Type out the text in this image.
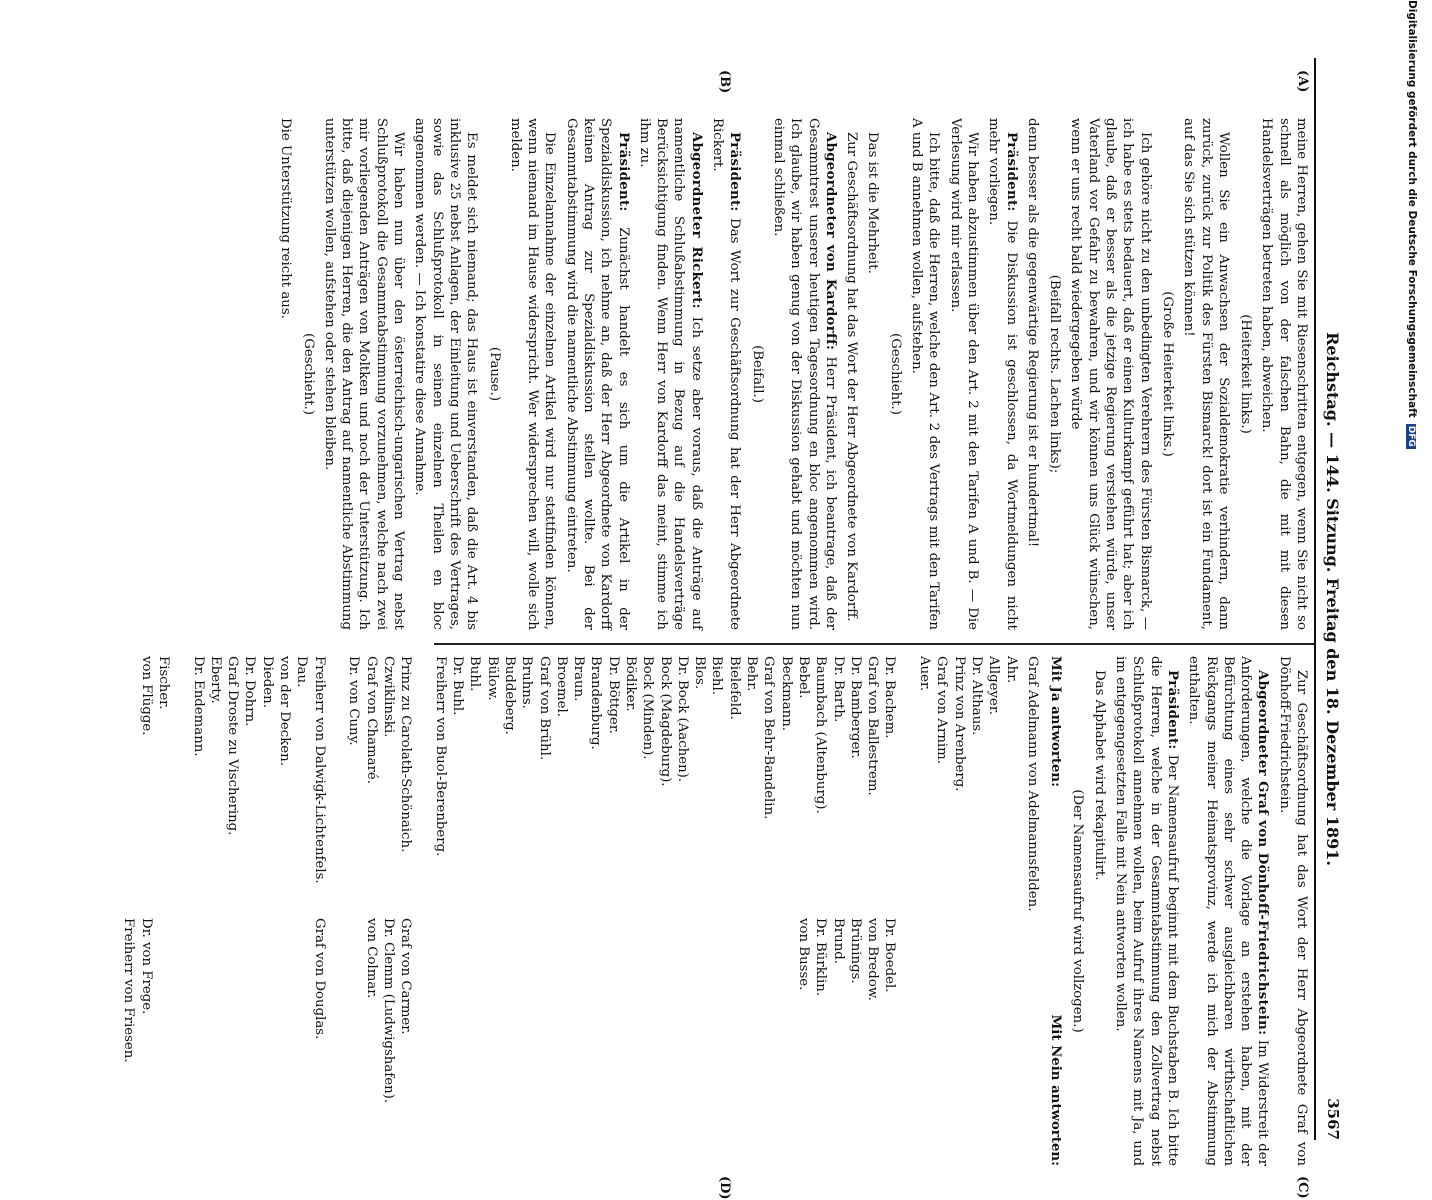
Reichstag. — 144. Sitzung. Freitag den 18. Dezember 1891.
3567
(A)
(B)
(C)
(D)

meine Herren, gehen Sie mit Riesenschritten entgegen, wenn Sie nicht so schnell als möglich von der falschen Bahn, die mit mit diesen Handelsverträgen betreten haben, abweichen.

(Heiterkeit links.)

Wollen Sie ein Anwachsen der Sozialdemokratie verhindern, dann zurück, zurück zur Politik des Fürsten Bismarck! dort ist ein Fundament, auf das Sie sich stützen können!

(Große Heiterkeit links.)

Ich gehöre nicht zu den unbedingten Verehrern des Fürsten Bismarck, — ich habe es stets bedauert, daß er einen Kulturkampf geführt hat; aber ich glaube, daß er besser als die jetzige Regierung verstehen würde, unser Vaterland vor Gefahr zu bewahren, und wir können uns Glück wünschen, wenn er uns recht bald wiedergegeben würde

(Beifall rechts. Lachen links);

denn besser als die gegenwärtige Regierung ist er hundertmal!

Präsident: Die Diskussion ist geschlossen, da Wortmeldungen nicht mehr vorliegen.

Wir haben abzustimmen über den Art. 2 mit den Tarifen A und B. — Die Verlesung wird mir erlassen.

Ich bitte, daß die Herren, welche den Art. 2 des Vertrags mit den Tarifen A und B annehmen wollen, aufstehen.

(Geschieht.)

Das ist die Mehrheit.

Zur Geschäftsordnung hat das Wort der Herr Abgeordnete von Kardorff.

Abgeordneter von Kardorff: Herr Präsident, ich beantrage, daß der Gesammtrest unserer heutigen Tagesordnung en bloc angenommen wird. Ich glaube, wir haben genug von der Diskussion gehabt und möchten nun einmal schließen.

(Beifall.)

Präsident: Das Wort zur Geschäftsordnung hat der Herr Abgeordnete Rickert.

Abgeordneter Rickert: Ich setze aber voraus, daß die Anträge auf namentliche Schlußabstimmung in Bezug auf die Handelsverträge Berücksichtigung finden. Wenn Herr von Kardorff das meint, stimme ich ihm zu.

Präsident: Zunächst handelt es sich um die Artikel in der Spezialdiskussion, ich nehme an, daß der Herr Abgeordnete von Kardorff keinen Antrag zur Spezialdiskussion stellen wollte. Bei der Gesammtabstimmung wird die namentliche Abstimmung eintreten.

Die Einzelannahme der einzelnen Artikel wird nur stattfinden können, wenn niemand im Hause widerspricht. Wer widersprechen will, wolle sich melden.

(Pause.)

Es meldet sich niemand; das Haus ist einverstanden, daß die Art. 4 bis inklusive 25 nebst Anlagen, der Einleitung und Ueberschrift des Vertrages, sowie das Schlußprotokoll in seinen einzelnen Theilen en bloc angenommen werden. — Ich konstatire diese Annahme.

Wir haben nun über den österreichisch-ungarischen Vertrag nebst Schlußprotokoll die Gesammtabstimmung vorzunehmen, welche nach zwei mir vorliegenden Anträgen von Moltken und noch der Unterstützung. Ich bitte, daß diejenigen Herren, die den Antrag auf namentliche Abstimmung unterstützen wollen, aufstehen oder stehen bleiben.

(Geschieht.)

Die Unterstützung reicht aus.

Zur Geschäftsordnung hat das Wort der Herr Abgeordnete Graf von Dönhoff-Friedrichstein.

Abgeordneter Graf von Dönhoff-Friedrichstein: Im Widerstreit der Anforderungen, welche die Vorlage an erstehen haben, mit der Befürchtung eines sehr schwer ausgleichbaren wirthschaftlichen Rückgangs meiner Heimatsprovinz, werde ich mich der Abstimmung enthalten.

Präsident: Der Namensaufruf beginnt mit dem Buchstaben B. Ich bitte die Herren, welche in der Gesammtabstimmung den Zollvertrag nebst Schlußprotokoll annehmen wollen, beim Aufruf ihres Namens mit Ja, und im entgegengesetzten Falle mit Nein antworten wollen.

Das Alphabet wird rekapitulirt.

(Der Namensaufruf wird vollzogen.)

Mit Ja antworten:
Mit Nein antworten:

Graf Adelmann von Adelmannsfelden.

Ahr.
Allgeyer.
Dr. Althaus.
Prinz von Arenberg.
Graf von Arnim.
Auer.

Dr. Bachem.
Graf von Ballestrem.
Dr. Bamberger.
Dr. Barth.
Baumbach (Altenburg).
Bebel.
Beckmann.
Graf von Behr-Bandelin.
Behr.
Bielefeld.
Biehl.
Blos.
Dr. Bock (Aachen).
Bock (Magdeburg).
Bock (Minden).
Bödiker.
Dr. Böttger.
Brandenburg.
Braun.
Broemel.
Graf von Brühl.
Bruhns.
Buddeberg.
Bülow.
Buhl.
Dr. Buhl.
Freiherr von Buol-Berenberg.

Prinz zu Carolath-Schönaich.
Czwiklinski.
Graf von Chamaré.
Dr. von Cuny.

Freiherr von Dalwigk-Lichtenfels.
Dau.
von der Decken.
Dieden.
Dr. Dohrn.
Graf Droste zu Vischering.
Eberty.
Dr. Endemann.

Fischer.
von Flügge.

Dr. Boedel.
von Bredow.
Brünings.
Brund.
Dr. Bürklin.
von Busse.

Graf von Carmer.
Dr. Clemm (Ludwigshafen).
von Colmar.

Graf von Douglas.

Dr. von Frege.
Freiherr von Friesen.
Digitalisierung gefördert durch die Deutsche ForschungsgemeinschaftDFG
